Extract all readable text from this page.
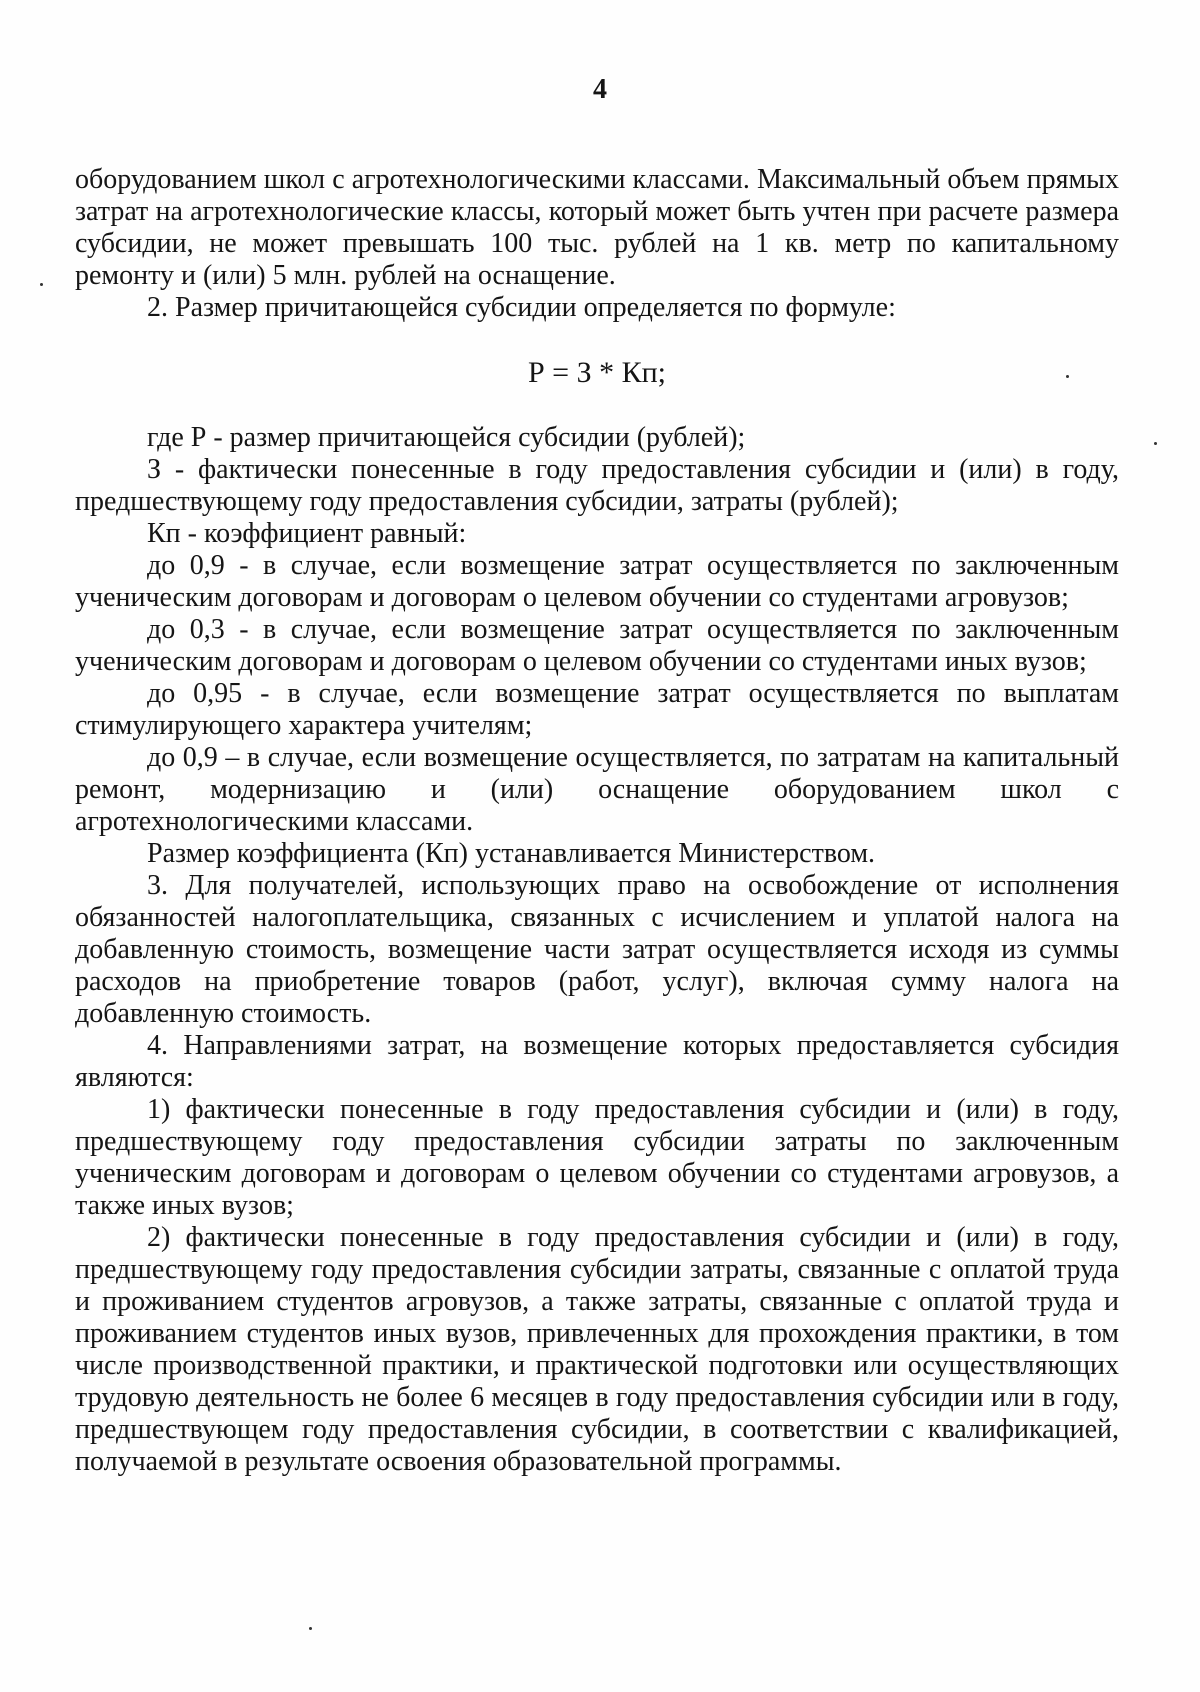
4

оборудованием школ с агротехнологическими классами. Максимальный объем прямых затрат на агротехнологические классы, который может быть учтен при расчете размера субсидии, не может превышать 100 тыс. рублей на 1 кв. метр по капитальному ремонту и (или) 5 млн. рублей на оснащение.

2. Размер причитающейся субсидии определяется по формуле:

Р = З * Кп;

где Р - размер причитающейся субсидии (рублей);

З - фактически понесенные в году предоставления субсидии и (или) в году, предшествующему году предоставления субсидии, затраты (рублей);

Кп - коэффициент равный:

до 0,9 - в случае, если возмещение затрат осуществляется по заключенным ученическим договорам и договорам о целевом обучении со студентами агровузов;

до 0,3 - в случае, если возмещение затрат осуществляется по заключенным ученическим договорам и договорам о целевом обучении со студентами иных вузов;

до 0,95 - в случае, если возмещение затрат осуществляется по выплатам стимулирующего характера учителям;

до 0,9 – в случае, если возмещение осуществляется, по затратам на капитальный ремонт, модернизацию и (или) оснащение оборудованием школ с агротехнологическими классами.

Размер коэффициента (Кп) устанавливается Министерством.

3. Для получателей, использующих право на освобождение от исполнения обязанностей налогоплательщика, связанных с исчислением и уплатой налога на добавленную стоимость, возмещение части затрат осуществляется исходя из суммы расходов на приобретение товаров (работ, услуг), включая сумму налога на добавленную стоимость.

4. Направлениями затрат, на возмещение которых предоставляется субсидия являются:

1) фактически понесенные в году предоставления субсидии и (или) в году, предшествующему году предоставления субсидии затраты по заключенным ученическим договорам и договорам о целевом обучении со студентами агровузов, а также иных вузов;

2) фактически понесенные в году предоставления субсидии и (или) в году, предшествующему году предоставления субсидии затраты, связанные с оплатой труда и проживанием студентов агровузов, а также затраты, связанные с оплатой труда и проживанием студентов иных вузов, привлеченных для прохождения практики, в том числе производственной практики, и практической подготовки или осуществляющих трудовую деятельность не более 6 месяцев в году предоставления субсидии или в году, предшествующем году предоставления субсидии, в соответствии с квалификацией, получаемой в результате освоения образовательной программы.
